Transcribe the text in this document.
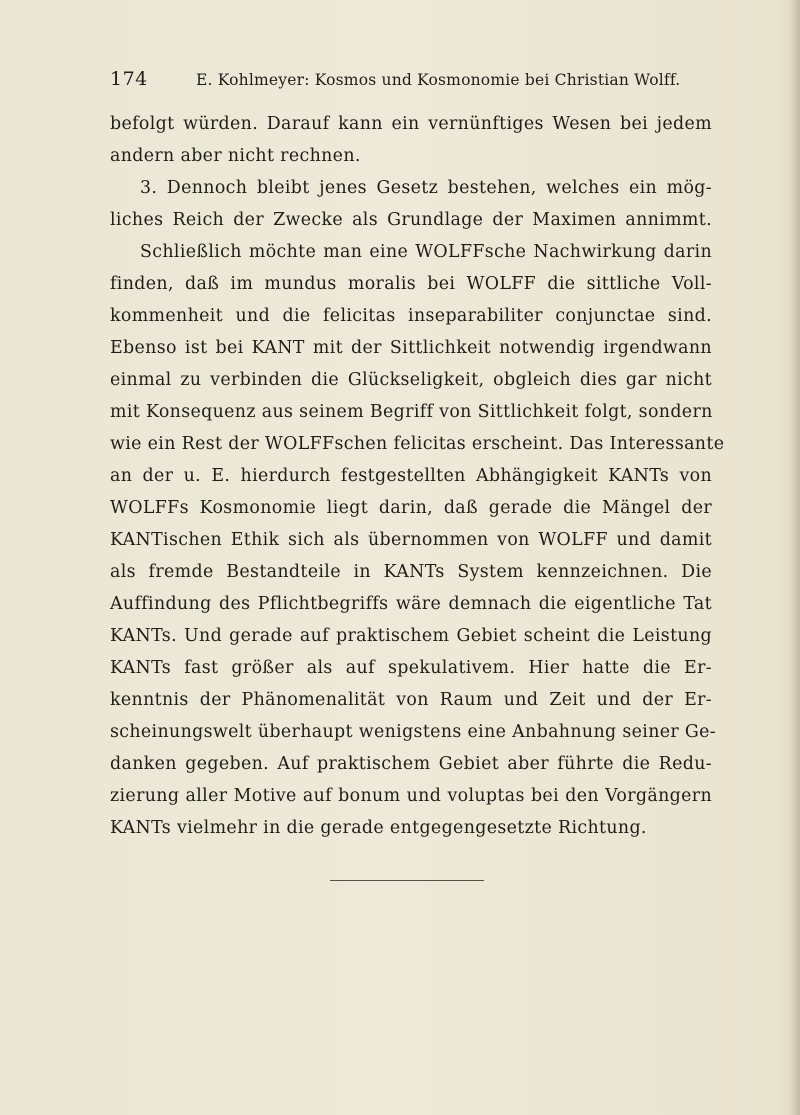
174	E. Kohlmeyer: Kosmos und Kosmonomie bei Christian Wolff.
befolgt würden. Darauf kann ein vernünftiges Wesen bei jedem
andern aber nicht rechnen.
3. Dennoch bleibt jenes Gesetz bestehen, welches ein mög-
liches Reich der Zwecke als Grundlage der Maximen annimmt.
Schließlich möchte man eine WOLFFsche Nachwirkung darin
finden, daß im mundus moralis bei WOLFF die sittliche Voll-
kommenheit und die felicitas inseparabiliter conjunctae sind.
Ebenso ist bei KANT mit der Sittlichkeit notwendig irgendwann
einmal zu verbinden die Glückseligkeit, obgleich dies gar nicht
mit Konsequenz aus seinem Begriff von Sittlichkeit folgt, sondern
wie ein Rest der WOLFFschen felicitas erscheint. Das Interessante
an der u. E. hierdurch festgestellten Abhängigkeit KANTs von
WOLFFs Kosmonomie liegt darin, daß gerade die Mängel der
KANTischen Ethik sich als übernommen von WOLFF und damit
als fremde Bestandteile in KANTs System kennzeichnen. Die
Auffindung des Pflichtbegriffs wäre demnach die eigentliche Tat
KANTs. Und gerade auf praktischem Gebiet scheint die Leistung
KANTs fast größer als auf spekulativem. Hier hatte die Er-
kenntnis der Phänomenalität von Raum und Zeit und der Er-
scheinungswelt überhaupt wenigstens eine Anbahnung seiner Ge-
danken gegeben. Auf praktischem Gebiet aber führte die Redu-
zierung aller Motive auf bonum und voluptas bei den Vorgängern
KANTs vielmehr in die gerade entgegengesetzte Richtung.
